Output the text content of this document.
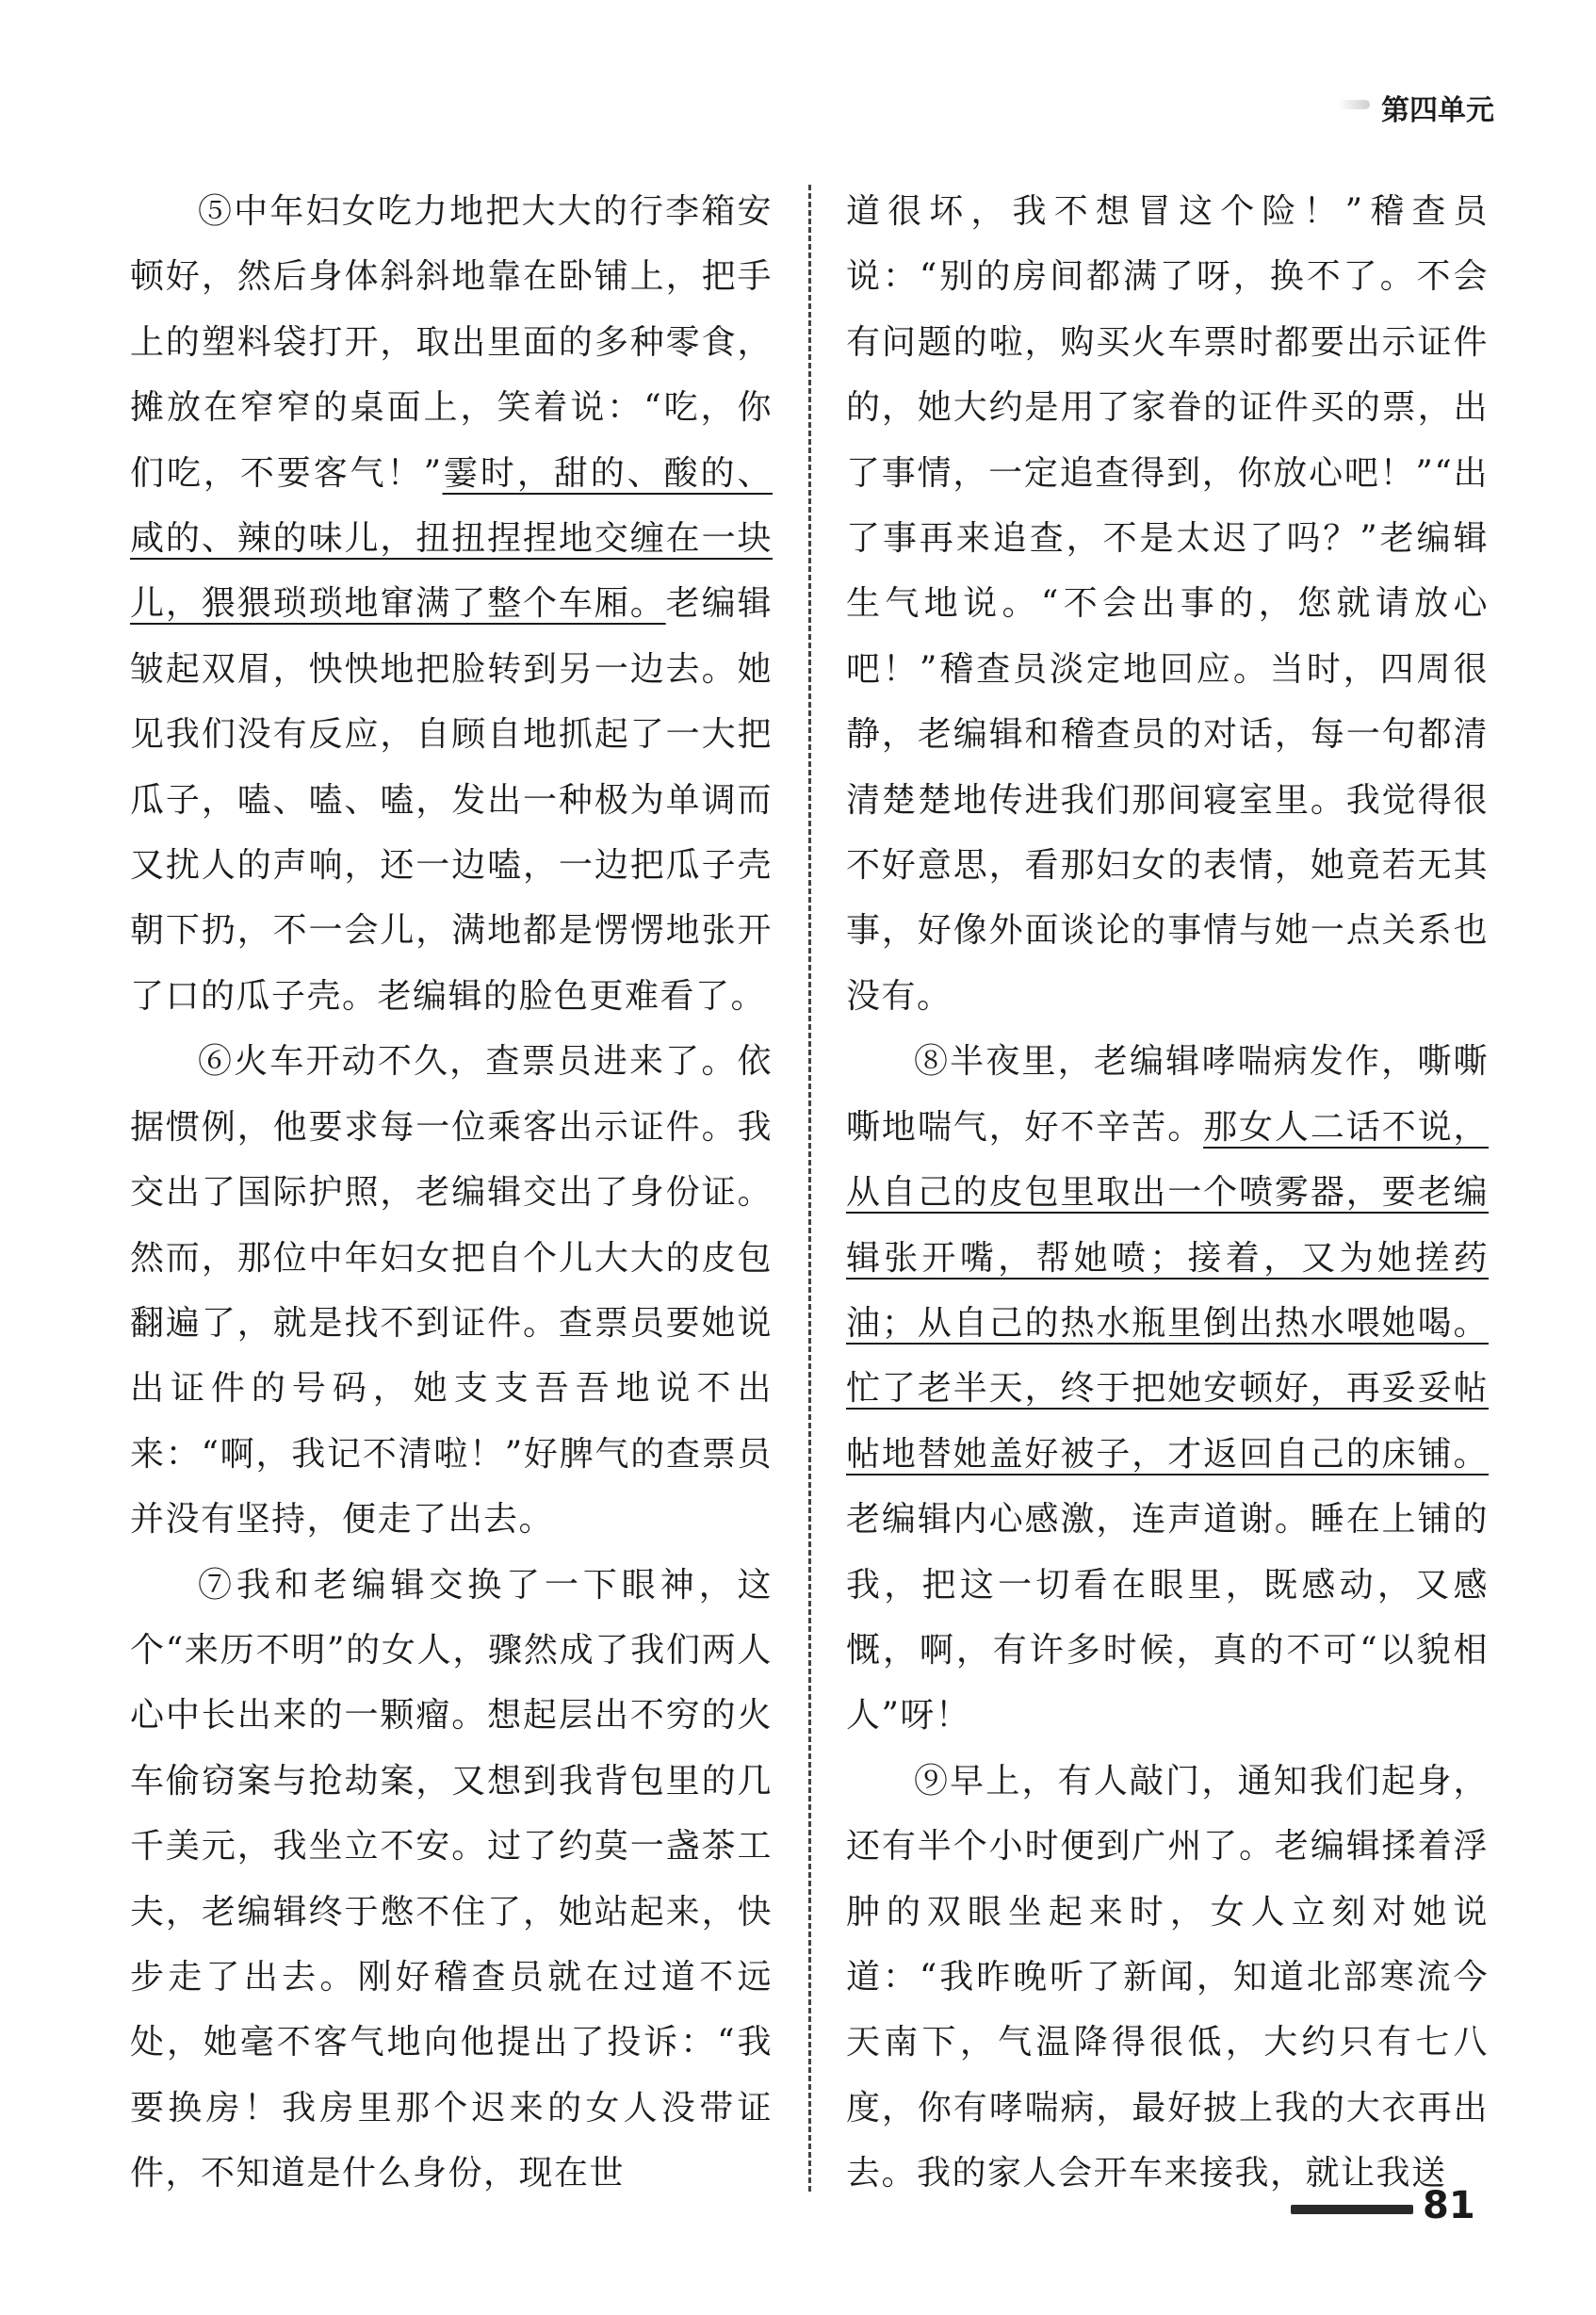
第四单元

⑤中年妇女吃力地把大大的行李箱安顿好，然后身体斜斜地靠在卧铺上，把手上的塑料袋打开，取出里面的多种零食，摊放在窄窄的桌面上，笑着说：“吃，你们吃，不要客气！”霎时，甜的、酸的、咸的、辣的味儿，扭扭捏捏地交缠在一块儿，猥猥琐琐地窜满了整个车厢。老编辑皱起双眉，怏怏地把脸转到另一边去。她见我们没有反应，自顾自地抓起了一大把瓜子，嗑、嗑、嗑，发出一种极为单调而又扰人的声响，还一边嗑，一边把瓜子壳朝下扔，不一会儿，满地都是愣愣地张开了口的瓜子壳。老编辑的脸色更难看了。

⑥火车开动不久，查票员进来了。依据惯例，他要求每一位乘客出示证件。我交出了国际护照，老编辑交出了身份证。然而，那位中年妇女把自个儿大大的皮包翻遍了，就是找不到证件。查票员要她说出证件的号码，她支支吾吾地说不出来：“啊，我记不清啦！”好脾气的查票员并没有坚持，便走了出去。

⑦我和老编辑交换了一下眼神，这个“来历不明”的女人，骤然成了我们两人心中长出来的一颗瘤。想起层出不穷的火车偷窃案与抢劫案，又想到我背包里的几千美元，我坐立不安。过了约莫一盏茶工夫，老编辑终于憋不住了，她站起来，快步走了出去。刚好稽查员就在过道不远处，她毫不客气地向他提出了投诉：“我要换房！我房里那个迟来的女人没带证件，不知道是什么身份，现在世

道很坏，我不想冒这个险！”稽查员说：“别的房间都满了呀，换不了。不会有问题的啦，购买火车票时都要出示证件的，她大约是用了家眷的证件买的票，出了事情，一定追查得到，你放心吧！”“出了事再来追查，不是太迟了吗？”老编辑生气地说。“不会出事的，您就请放心吧！”稽查员淡定地回应。当时，四周很静，老编辑和稽查员的对话，每一句都清清楚楚地传进我们那间寝室里。我觉得很不好意思，看那妇女的表情，她竟若无其事，好像外面谈论的事情与她一点关系也没有。

⑧半夜里，老编辑哮喘病发作，嘶嘶嘶地喘气，好不辛苦。那女人二话不说，从自己的皮包里取出一个喷雾器，要老编辑张开嘴，帮她喷；接着，又为她搓药油；从自己的热水瓶里倒出热水喂她喝。忙了老半天，终于把她安顿好，再妥妥帖帖地替她盖好被子，才返回自己的床铺。老编辑内心感激，连声道谢。睡在上铺的我，把这一切看在眼里，既感动，又感慨，啊，有许多时候，真的不可“以貌相人”呀！

⑨早上，有人敲门，通知我们起身，还有半个小时便到广州了。老编辑揉着浮肿的双眼坐起来时，女人立刻对她说道：“我昨晚听了新闻，知道北部寒流今天南下，气温降得很低，大约只有七八度，你有哮喘病，最好披上我的大衣再出去。我的家人会开车来接我，就让我送

81
